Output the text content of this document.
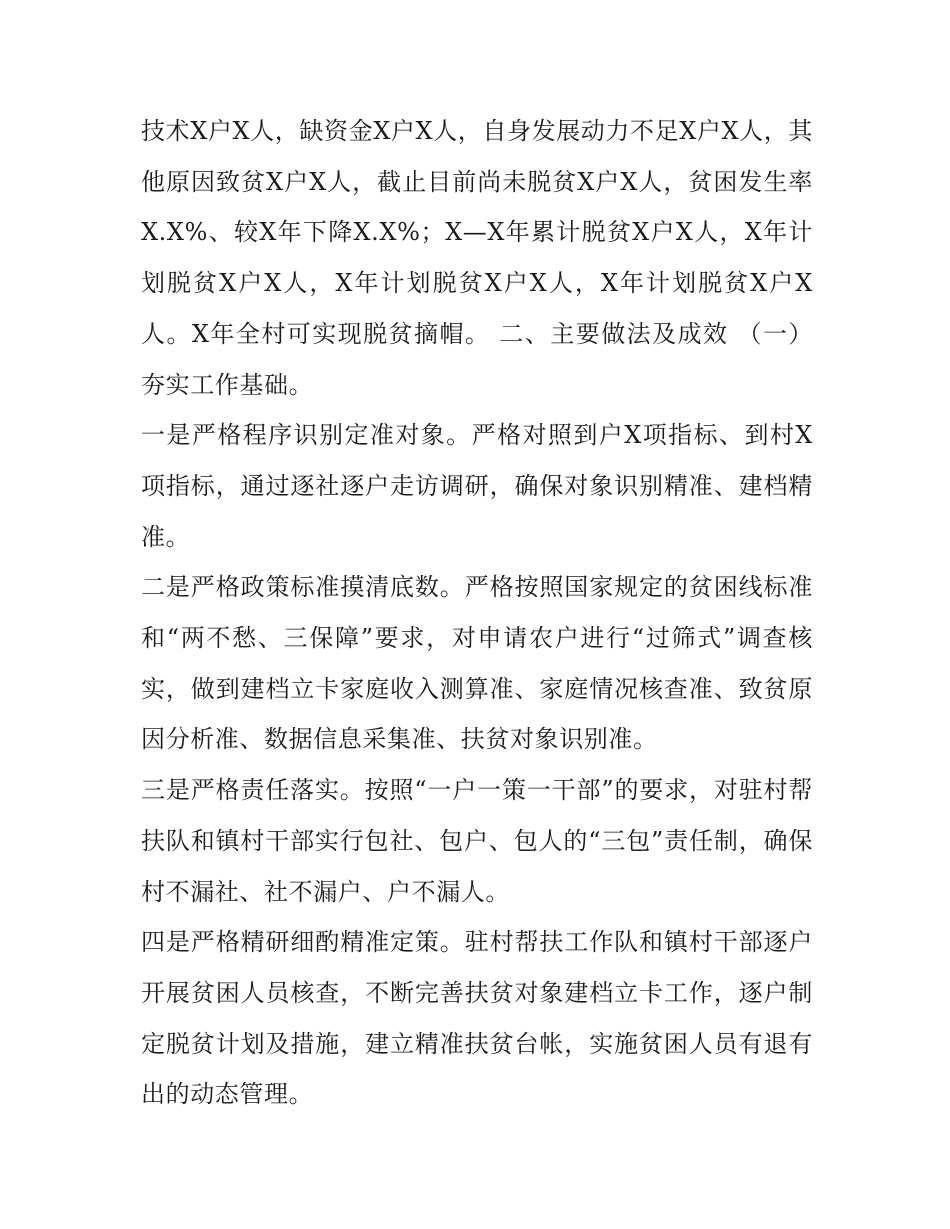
技术X户X人，缺资金X户X人，自身发展动力不足X户X人，其他原因致贫X户X人，截止目前尚未脱贫X户X人，贫困发生率X.X%、较X年下降X.X%；X—X年累计脱贫X户X人，X年计划脱贫X户X人，X年计划脱贫X户X人，X年计划脱贫X户X人。X年全村可实现脱贫摘帽。 二、主要做法及成效 （一）夯实工作基础。

一是严格程序识别定准对象。严格对照到户X项指标、到村X项指标，通过逐社逐户走访调研，确保对象识别精准、建档精准。

二是严格政策标准摸清底数。严格按照国家规定的贫困线标准和“两不愁、三保障”要求，对申请农户进行“过筛式”调查核实，做到建档立卡家庭收入测算准、家庭情况核查准、致贫原因分析准、数据信息采集准、扶贫对象识别准。

三是严格责任落实。按照“一户一策一干部”的要求，对驻村帮扶队和镇村干部实行包社、包户、包人的“三包”责任制，确保村不漏社、社不漏户、户不漏人。

四是严格精研细酌精准定策。驻村帮扶工作队和镇村干部逐户开展贫困人员核查，不断完善扶贫对象建档立卡工作，逐户制定脱贫计划及措施，建立精准扶贫台帐，实施贫困人员有退有出的动态管理。
